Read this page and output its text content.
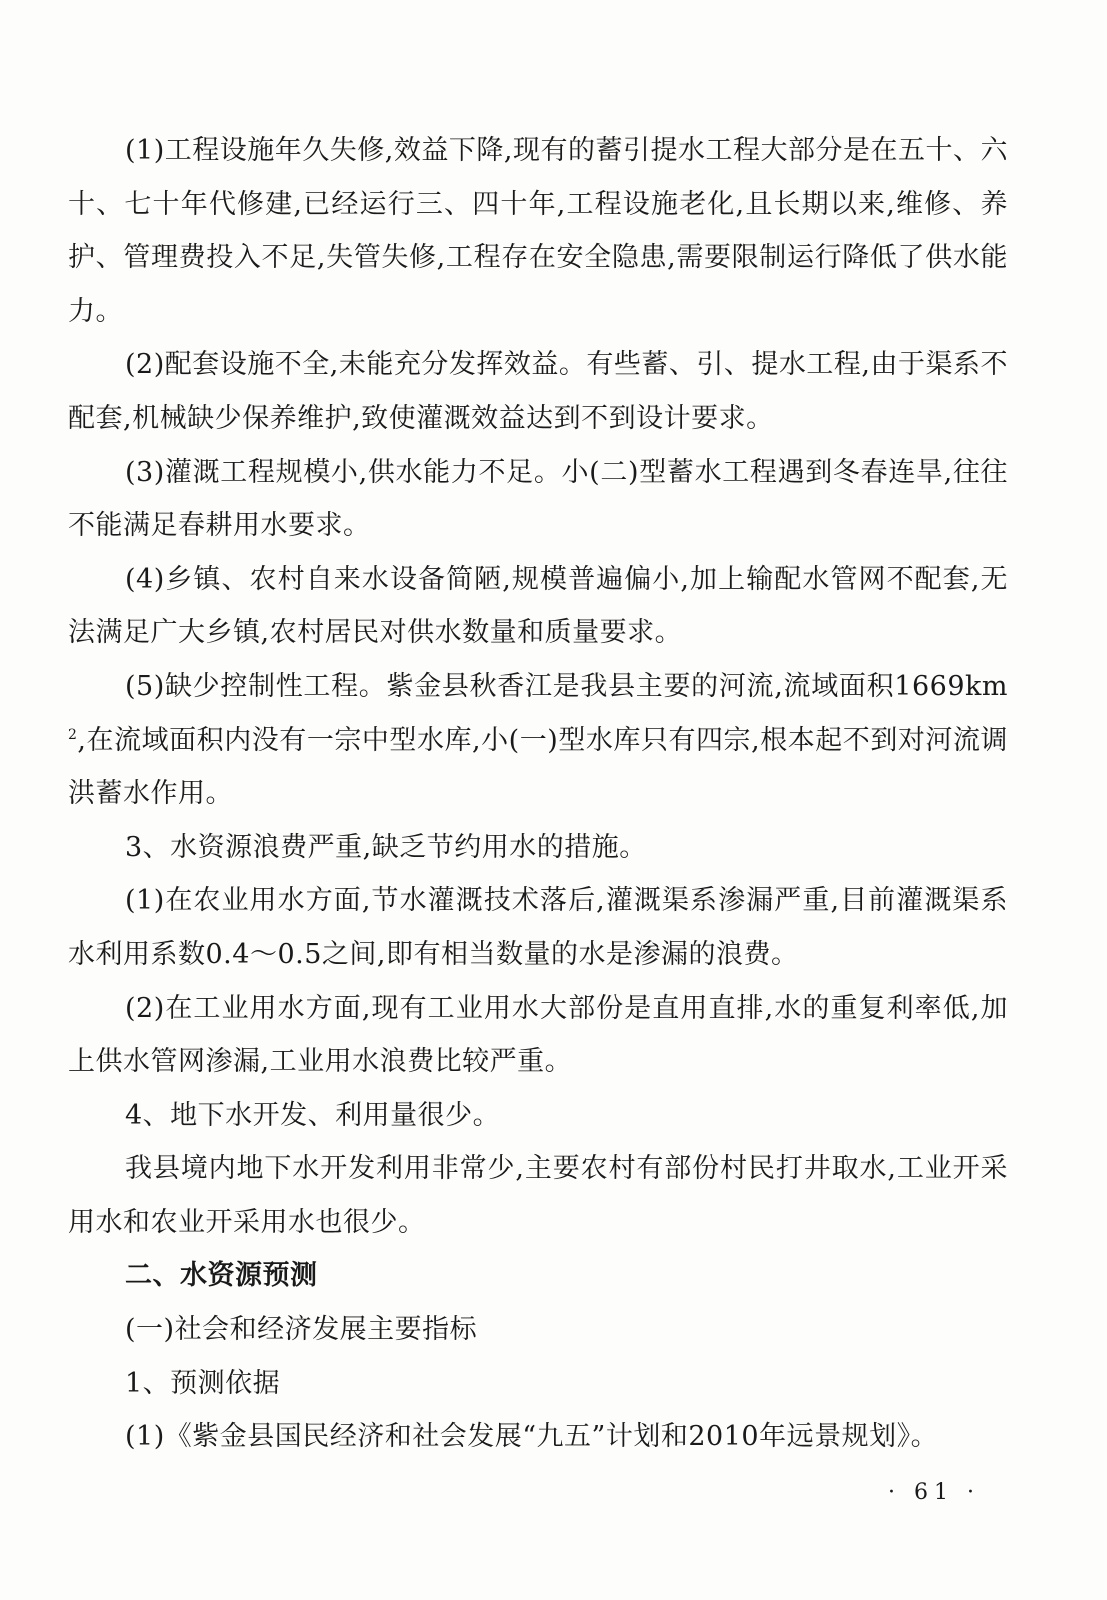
(1)工程设施年久失修,效益下降,现有的蓄引提水工程大部分是在五十、六十、七十年代修建,已经运行三、四十年,工程设施老化,且长期以来,维修、养护、管理费投入不足,失管失修,工程存在安全隐患,需要限制运行降低了供水能力。

(2)配套设施不全,未能充分发挥效益。有些蓄、引、提水工程,由于渠系不配套,机械缺少保养维护,致使灌溉效益达到不到设计要求。

(3)灌溉工程规模小,供水能力不足。小(二)型蓄水工程遇到冬春连旱,往往不能满足春耕用水要求。

(4)乡镇、农村自来水设备简陋,规模普遍偏小,加上输配水管网不配套,无法满足广大乡镇,农村居民对供水数量和质量要求。

(5)缺少控制性工程。紫金县秋香江是我县主要的河流,流域面积$1669km^2$,在流域面积内没有一宗中型水库,小(一)型水库只有四宗,根本起不到对河流调洪蓄水作用。

3、水资源浪费严重,缺乏节约用水的措施。

(1)在农业用水方面,节水灌溉技术落后,灌溉渠系渗漏严重,目前灌溉渠系水利用系数0.4～0.5之间,即有相当数量的水是渗漏的浪费。

(2)在工业用水方面,现有工业用水大部份是直用直排,水的重复利率低,加上供水管网渗漏,工业用水浪费比较严重。

4、地下水开发、利用量很少。

我县境内地下水开发利用非常少,主要农村有部份村民打井取水,工业开采用水和农业开采用水也很少。

二、水资源预测

(一)社会和经济发展主要指标

1、预测依据

(1)《紫金县国民经济和社会发展“九五”计划和2010年远景规划》。

· 61 ·
